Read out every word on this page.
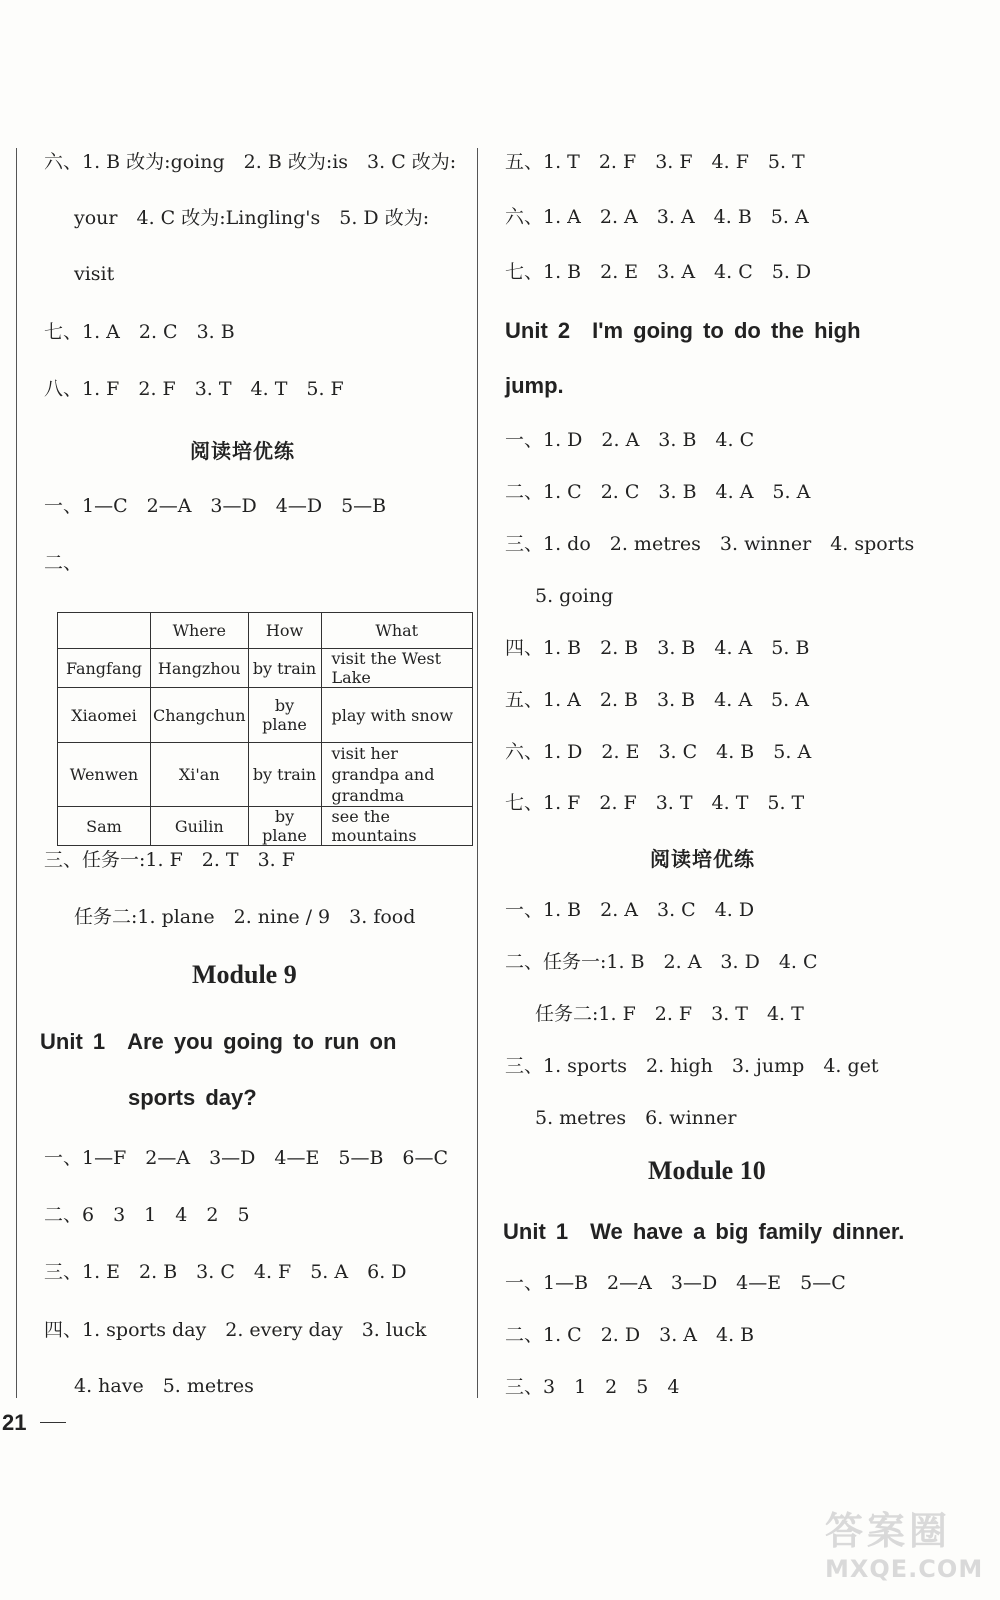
六、1. B 改为:going　2. B 改为:is　3. C 改为:
your　4. C 改为:Lingling's　5. D 改为:
visit
七、1. A　2. C　3. B
八、1. F　2. F　3. T　4. T　5. F
阅读培优练
一、1—C　2—A　3—D　4—D　5—B
二、
	Where	How	What
Fangfang	Hangzhou	by train	visit the West Lake
Xiaomei	Changchun	by plane	play with snow
Wenwen	Xi'an	by train	visit her grandpa and grandma
Sam	Guilin	by plane	see the mountains
三、任务一:1. F　2. T　3. F
任务二:1. plane　2. nine / 9　3. food
Module 9
Unit 1　Are you going to run on
sports day?
一、1—F　2—A　3—D　4—E　5—B　6—C
二、6　3　1　4　2　5
三、1. E　2. B　3. C　4. F　5. A　6. D
四、1. sports day　2. every day　3. luck
4. have　5. metres
21
五、1. T　2. F　3. F　4. F　5. T
六、1. A　2. A　3. A　4. B　5. A
七、1. B　2. E　3. A　4. C　5. D
Unit 2　I'm going to do the high
jump.
一、1. D　2. A　3. B　4. C
二、1. C　2. C　3. B　4. A　5. A
三、1. do　2. metres　3. winner　4. sports
5. going
四、1. B　2. B　3. B　4. A　5. B
五、1. A　2. B　3. B　4. A　5. A
六、1. D　2. E　3. C　4. B　5. A
七、1. F　2. F　3. T　4. T　5. T
阅读培优练
一、1. B　2. A　3. C　4. D
二、任务一:1. B　2. A　3. D　4. C
任务二:1. F　2. F　3. T　4. T
三、1. sports　2. high　3. jump　4. get
5. metres　6. winner
Module 10
Unit 1　We have a big family dinner.
一、1—B　2—A　3—D　4—E　5—C
二、1. C　2. D　3. A　4. B
三、3　1　2　5　4
答案圈
MXQE.COM
